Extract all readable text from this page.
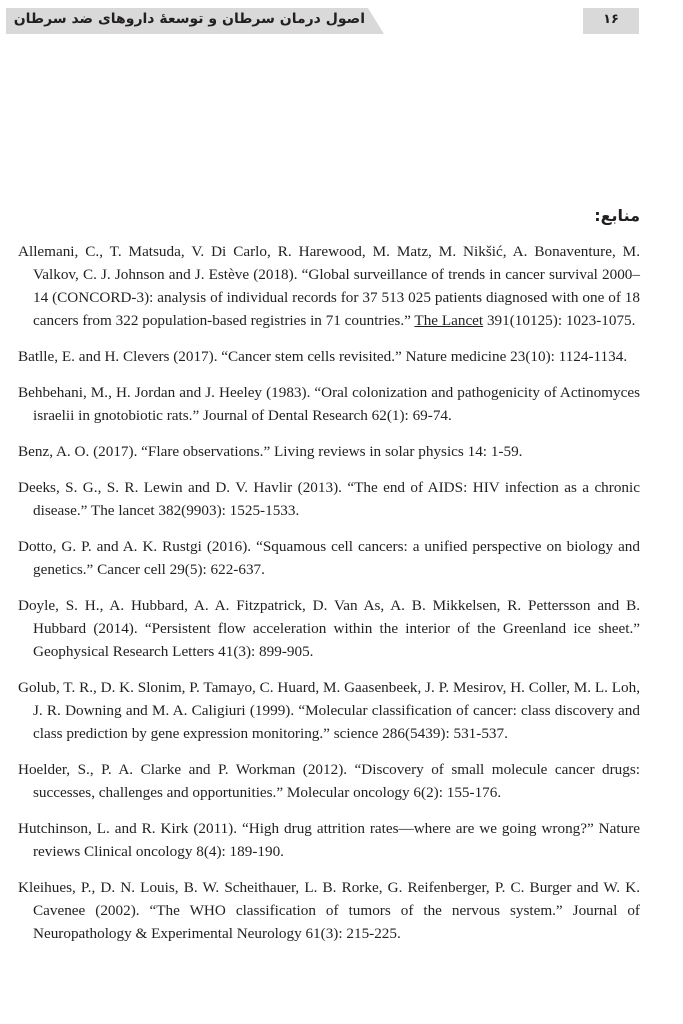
اصول درمان سرطان و توسعهٔ داروهای ضد سرطان	۱۶
منابع:

Allemani, C., T. Matsuda, V. Di Carlo, R. Harewood, M. Matz, M. Nikšić, A. Bonaventure, M. Valkov, C. J. Johnson and J. Estève (2018). “Global surveillance of trends in cancer survival 2000–14 (CONCORD-3): analysis of individual records for 37 513 025 patients diagnosed with one of 18 cancers from 322 population-based registries in 71 countries.” The Lancet 391(10125): 1023-1075.

Batlle, E. and H. Clevers (2017). “Cancer stem cells revisited.” Nature medicine 23(10): 1124-1134.

Behbehani, M., H. Jordan and J. Heeley (1983). “Oral colonization and pathogenicity of Actinomyces israelii in gnotobiotic rats.” Journal of Dental Research 62(1): 69-74.

Benz, A. O. (2017). “Flare observations.” Living reviews in solar physics 14: 1-59.

Deeks, S. G., S. R. Lewin and D. V. Havlir (2013). “The end of AIDS: HIV infection as a chronic disease.” The lancet 382(9903): 1525-1533.

Dotto, G. P. and A. K. Rustgi (2016). “Squamous cell cancers: a unified perspective on biology and genetics.” Cancer cell 29(5): 622-637.

Doyle, S. H., A. Hubbard, A. A. Fitzpatrick, D. Van As, A. B. Mikkelsen, R. Pettersson and B. Hubbard (2014). “Persistent flow acceleration within the interior of the Greenland ice sheet.” Geophysical Research Letters 41(3): 899-905.

Golub, T. R., D. K. Slonim, P. Tamayo, C. Huard, M. Gaasenbeek, J. P. Mesirov, H. Coller, M. L. Loh, J. R. Downing and M. A. Caligiuri (1999). “Molecular classification of cancer: class discovery and class prediction by gene expression monitoring.” science 286(5439): 531-537.

Hoelder, S., P. A. Clarke and P. Workman (2012). “Discovery of small molecule cancer drugs: successes, challenges and opportunities.” Molecular oncology 6(2): 155-176.

Hutchinson, L. and R. Kirk (2011). “High drug attrition rates—where are we going wrong?” Nature reviews Clinical oncology 8(4): 189-190.

Kleihues, P., D. N. Louis, B. W. Scheithauer, L. B. Rorke, G. Reifenberger, P. C. Burger and W. K. Cavenee (2002). “The WHO classification of tumors of the nervous system.” Journal of Neuropathology & Experimental Neurology 61(3): 215-225.
